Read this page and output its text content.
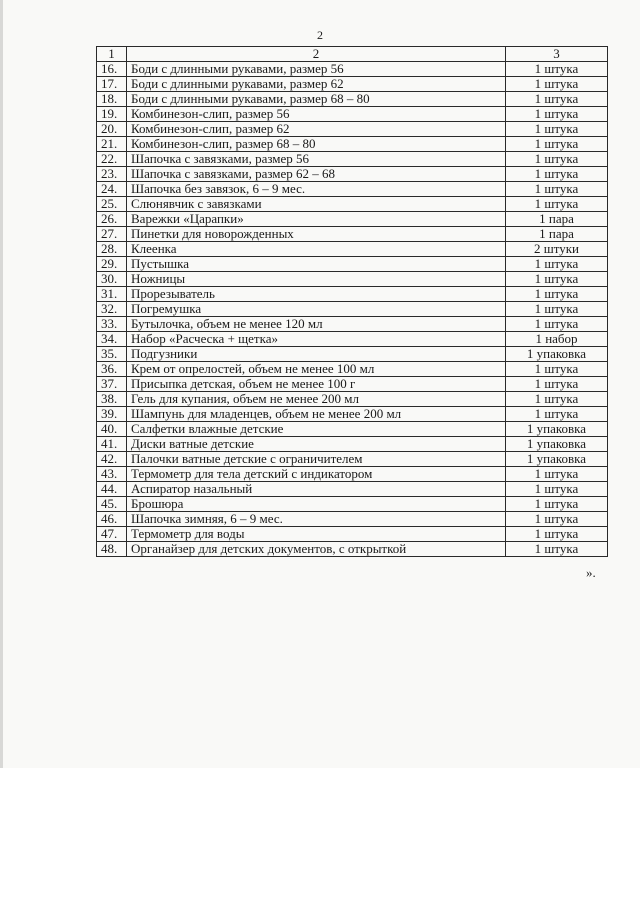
2
1	2	3
16.	Боди с длинными рукавами, размер 56	1 штука
17.	Боди с длинными рукавами, размер 62	1 штука
18.	Боди с длинными рукавами, размер 68 – 80	1 штука
19.	Комбинезон-слип, размер 56	1 штука
20.	Комбинезон-слип, размер 62	1 штука
21.	Комбинезон-слип, размер 68 – 80	1 штука
22.	Шапочка с завязками, размер 56	1 штука
23.	Шапочка с завязками, размер 62 – 68	1 штука
24.	Шапочка без завязок, 6 – 9 мес.	1 штука
25.	Слюнявчик с завязками	1 штука
26.	Варежки «Царапки»	1 пара
27.	Пинетки для новорожденных	1 пара
28.	Клеенка	2 штуки
29.	Пустышка	1 штука
30.	Ножницы	1 штука
31.	Прорезыватель	1 штука
32.	Погремушка	1 штука
33.	Бутылочка, объем не менее 120 мл	1 штука
34.	Набор «Расческа + щетка»	1 набор
35.	Подгузники	1 упаковка
36.	Крем от опрелостей, объем не менее 100 мл	1 штука
37.	Присыпка детская, объем не менее 100 г	1 штука
38.	Гель для купания, объем не менее 200 мл	1 штука
39.	Шампунь для младенцев, объем не менее 200 мл	1 штука
40.	Салфетки влажные детские	1 упаковка
41.	Диски ватные детские	1 упаковка
42.	Палочки ватные детские с ограничителем	1 упаковка
43.	Термометр для тела детский с индикатором	1 штука
44.	Аспиратор назальный	1 штука
45.	Брошюра	1 штука
46.	Шапочка зимняя, 6 – 9 мес.	1 штука
47.	Термометр для воды	1 штука
48.	Органайзер для детских документов, с открыткой	1 штука
».
